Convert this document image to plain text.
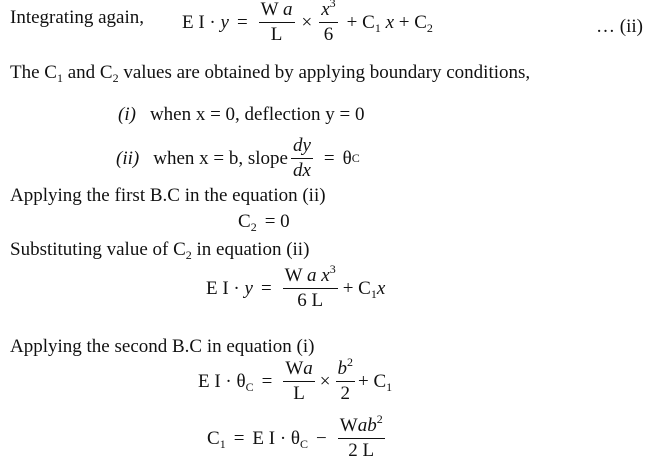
Integrating again, E $I \cdot y = \frac{\text{W a}}{L} \times \frac{x^3}{6} + C_1$ $x + C_2$	… (ii)
The $C_1$ and $C_2$ values are obtained by applying boundary conditions,
(i) when x = 0, deflection y = 0
(ii) when x = b, slope $\frac{dy}{dx} = \theta$ C
Applying the first B.C in the equation (ii)
$C_2 = 0$
Substituting value of $C_2$ in equation (ii)
E $I \cdot y = \frac{W a x^3}{6 L} + C_1x$
Applying the second B.C in equation (i)
E $I \cdot \theta_C = \frac{Wa}{L} \times \frac{b^2}{2} + C_1$
$C_1 = E$ $I \cdot \theta_C - \frac{Wab^2}{2 L}$
